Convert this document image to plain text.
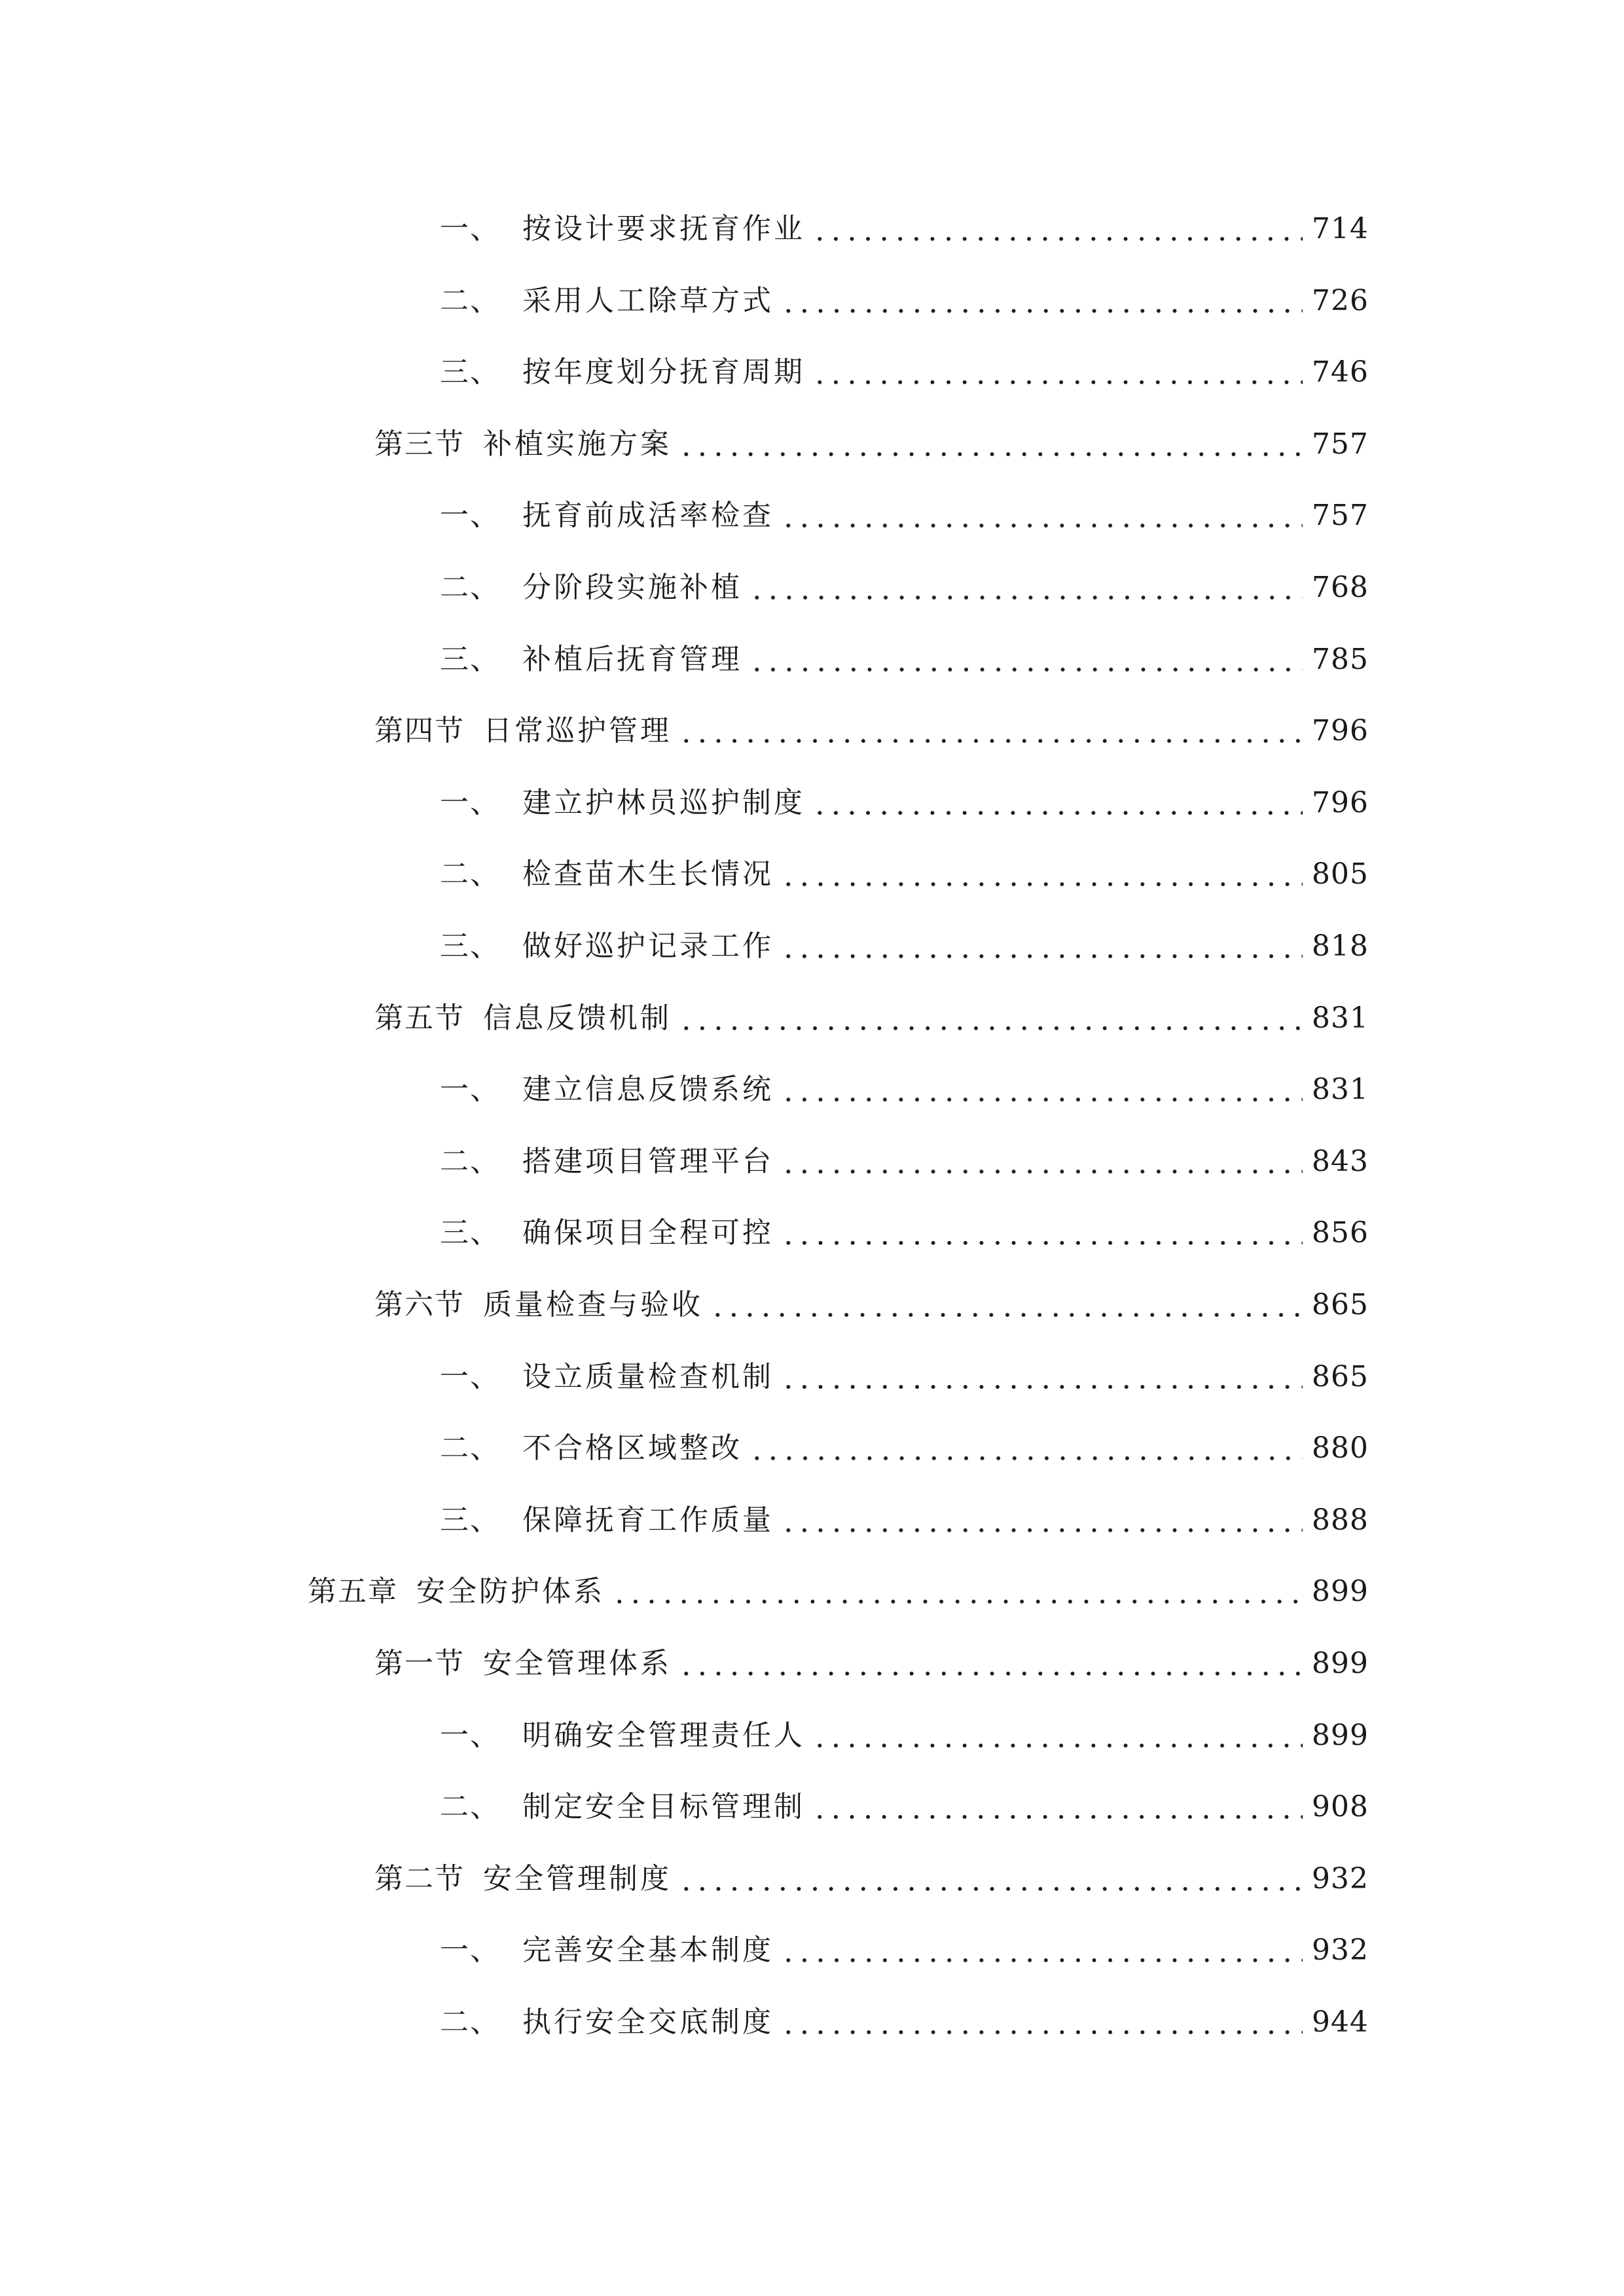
一、 按设计要求抚育作业	714
二、 采用人工除草方式	726
三、 按年度划分抚育周期	746
第三节 补植实施方案	757
一、 抚育前成活率检查	757
二、 分阶段实施补植	768
三、 补植后抚育管理	785
第四节 日常巡护管理	796
一、 建立护林员巡护制度	796
二、 检查苗木生长情况	805
三、 做好巡护记录工作	818
第五节 信息反馈机制	831
一、 建立信息反馈系统	831
二、 搭建项目管理平台	843
三、 确保项目全程可控	856
第六节 质量检查与验收	865
一、 设立质量检查机制	865
二、 不合格区域整改	880
三、 保障抚育工作质量	888
第五章 安全防护体系	899
第一节 安全管理体系	899
一、 明确安全管理责任人	899
二、 制定安全目标管理制	908
第二节 安全管理制度	932
一、 完善安全基本制度	932
二、 执行安全交底制度	944
